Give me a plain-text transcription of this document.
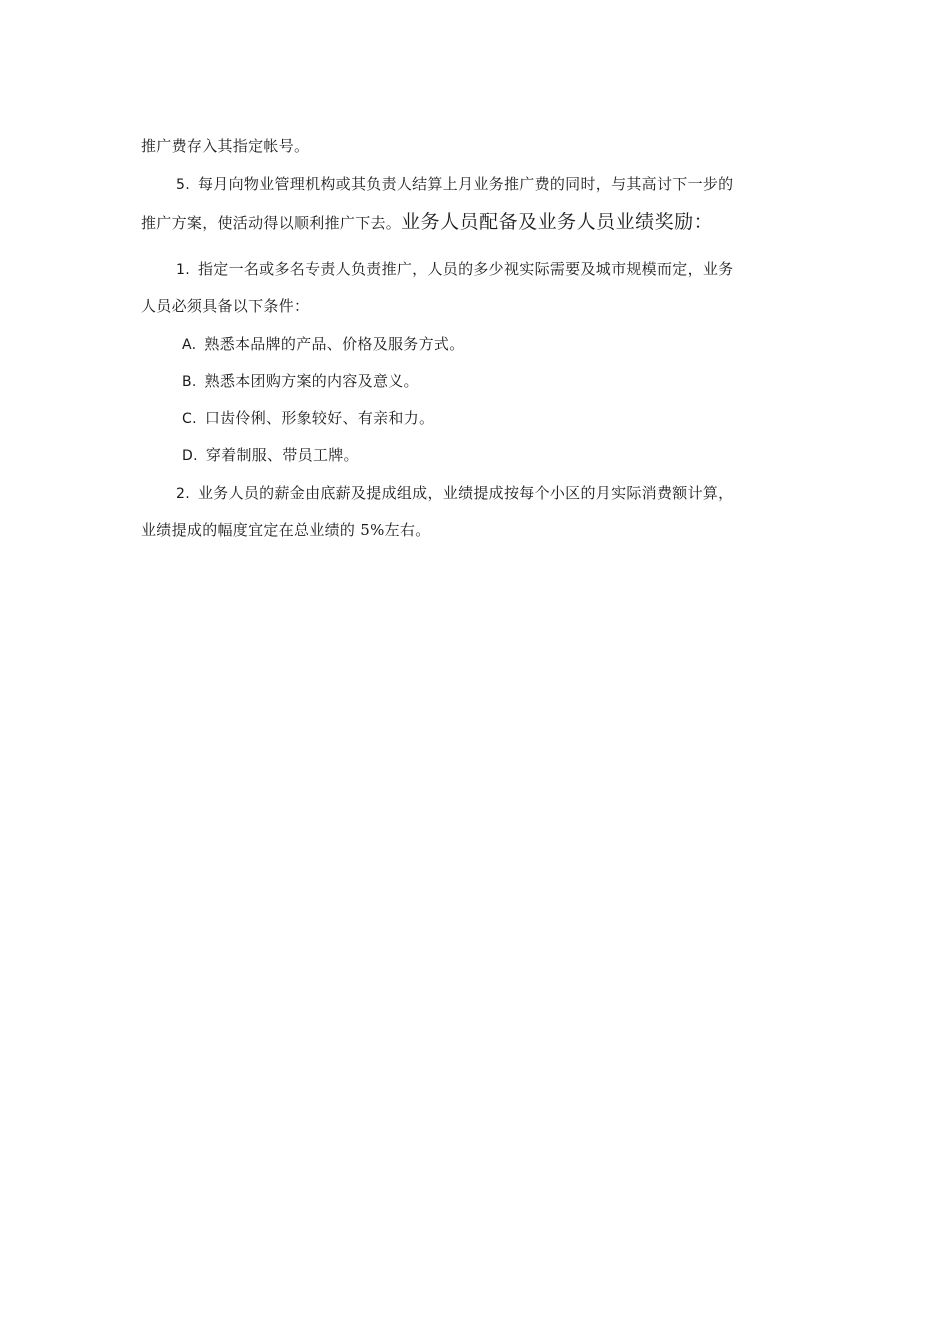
推广费存入其指定帐号。
5. 每月向物业管理机构或其负责人结算上月业务推广费的同时，与其高讨下一步的
推广方案，使活动得以顺利推广下去。业务人员配备及业务人员业绩奖励：
1. 指定一名或多名专责人负责推广，人员的多少视实际需要及城市规模而定，业务
人员必须具备以下条件：
A. 熟悉本品牌的产品、价格及服务方式。
B. 熟悉本团购方案的内容及意义。
C. 口齿伶俐、形象较好、有亲和力。
D. 穿着制服、带员工牌。
2. 业务人员的薪金由底薪及提成组成，业绩提成按每个小区的月实际消费额计算，
业绩提成的幅度宜定在总业绩的 5%左右。
